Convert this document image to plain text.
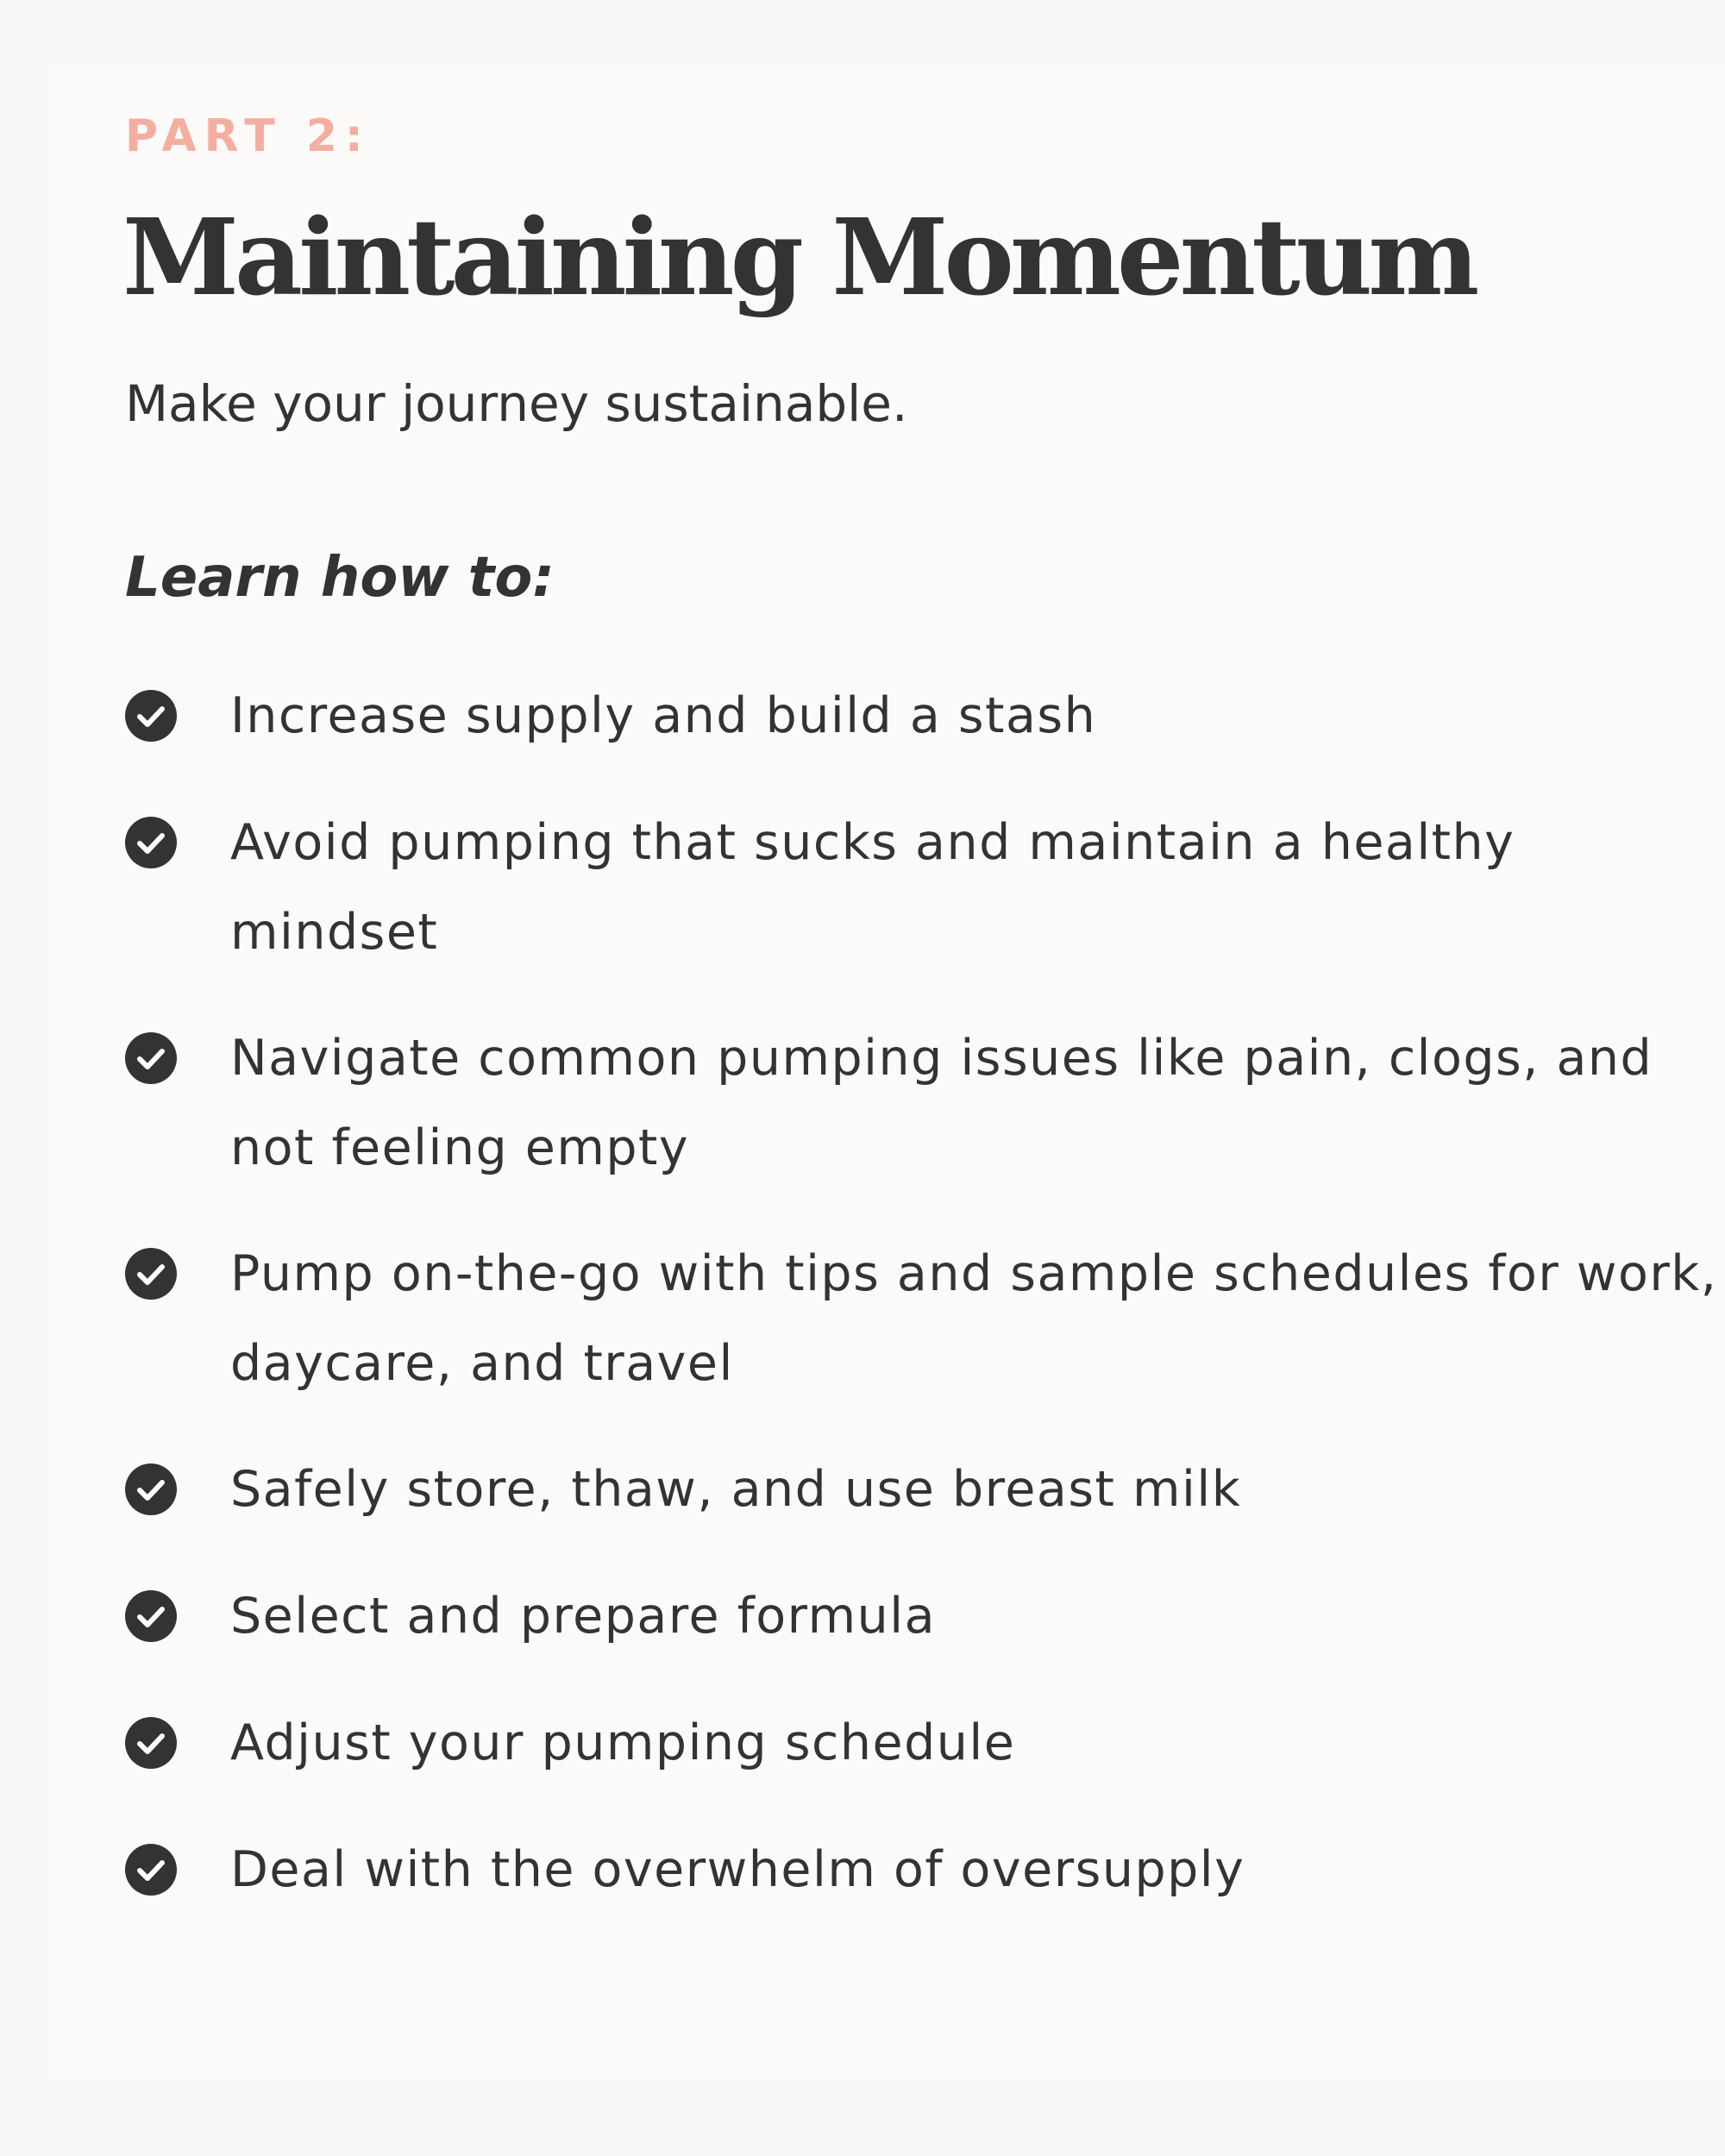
PART 2:
Maintaining Momentum
Make your journey sustainable.
Learn how to:
Increase supply and build a stash
Avoid pumping that sucks and maintain a healthy mindset
Navigate common pumping issues like pain, clogs, and not feeling empty
Pump on-the-go with tips and sample schedules for work, daycare, and travel
Safely store, thaw, and use breast milk
Select and prepare formula
Adjust your pumping schedule
Deal with the overwhelm of oversupply
